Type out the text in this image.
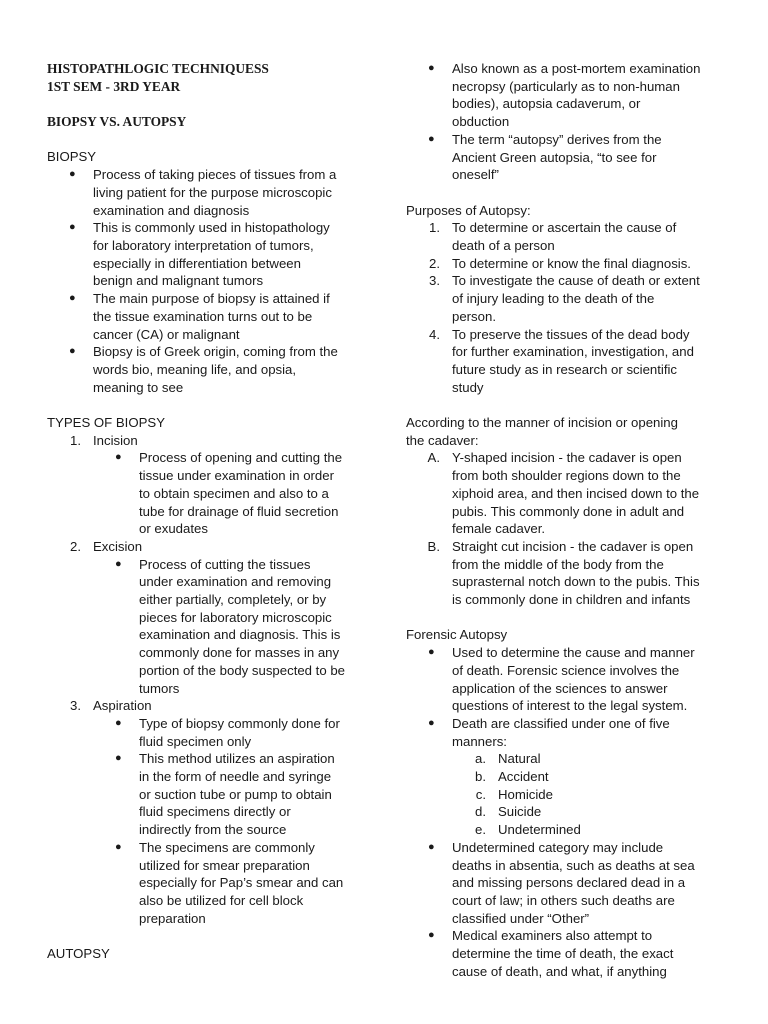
HISTOPATHLOGIC TECHNIQUESS
1ST SEM - 3RD YEAR
BIOPSY VS. AUTOPSY
BIOPSY
● Process of taking pieces of tissues from a
living patient for the purpose microscopic
examination and diagnosis
● This is commonly used in histopathology
for laboratory interpretation of tumors,
especially in differentiation between
benign and malignant tumors
● The main purpose of biopsy is attained if
the tissue examination turns out to be
cancer (CA) or malignant
● Biopsy is of Greek origin, coming from the
words bio, meaning life, and opsia,
meaning to see
TYPES OF BIOPSY
1. Incision
● Process of opening and cutting the
tissue under examination in order
to obtain specimen and also to a
tube for drainage of fluid secretion
or exudates
2. Excision
● Process of cutting the tissues
under examination and removing
either partially, completely, or by
pieces for laboratory microscopic
examination and diagnosis. This is
commonly done for masses in any
portion of the body suspected to be
tumors
3. Aspiration
● Type of biopsy commonly done for
fluid specimen only
● This method utilizes an aspiration
in the form of needle and syringe
or suction tube or pump to obtain
fluid specimens directly or
indirectly from the source
● The specimens are commonly
utilized for smear preparation
especially for Pap’s smear and can
also be utilized for cell block
preparation
AUTOPSY
● Also known as a post-mortem examination
necropsy (particularly as to non-human
bodies), autopsia cadaverum, or
obduction
● The term “autopsy” derives from the
Ancient Green autopsia, “to see for
oneself”
Purposes of Autopsy:
1. To determine or ascertain the cause of
death of a person
2. To determine or know the final diagnosis.
3. To investigate the cause of death or extent
of injury leading to the death of the
person.
4. To preserve the tissues of the dead body
for further examination, investigation, and
future study as in research or scientific
study
According to the manner of incision or opening
the cadaver:
A. Y-shaped incision - the cadaver is open
from both shoulder regions down to the
xiphoid area, and then incised down to the
pubis. This commonly done in adult and
female cadaver.
B. Straight cut incision - the cadaver is open
from the middle of the body from the
suprasternal notch down to the pubis. This
is commonly done in children and infants
Forensic Autopsy
● Used to determine the cause and manner
of death. Forensic science involves the
application of the sciences to answer
questions of interest to the legal system.
● Death are classified under one of five
manners:
a. Natural
b. Accident
c. Homicide
d. Suicide
e. Undetermined
● Undetermined category may include
deaths in absentia, such as deaths at sea
and missing persons declared dead in a
court of law; in others such deaths are
classified under “Other”
● Medical examiners also attempt to
determine the time of death, the exact
cause of death, and what, if anything
